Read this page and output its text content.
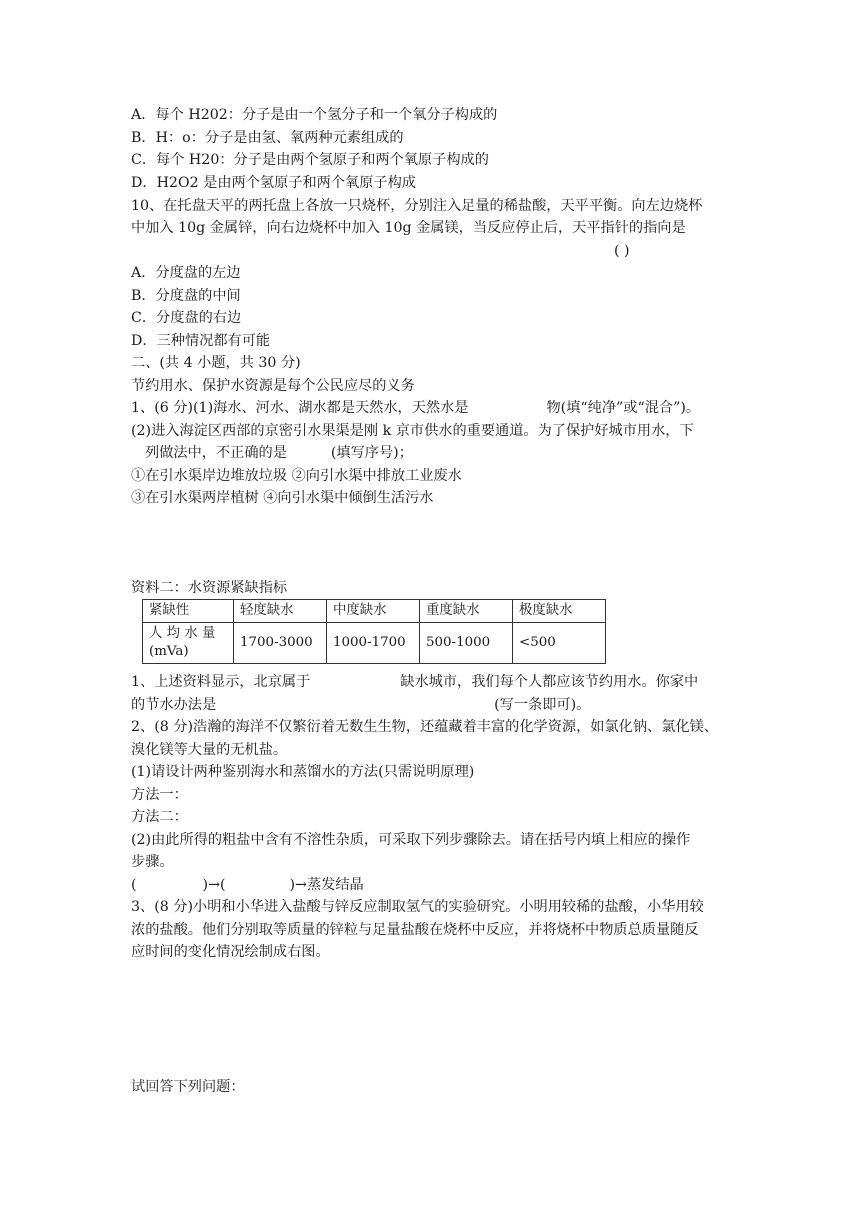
A．每个 H202：分子是由一个氢分子和一个氧分子构成的

B．H：o：分子是由氢、氧两种元素组成的

C．每个 H20：分子是由两个氢原子和两个氧原子构成的

D．H2O2 是由两个氢原子和两个氧原子构成

10、在托盘天平的两托盘上各放一只烧杯，分别注入足量的稀盐酸，天平平衡。向左边烧杯

中加入 10g 金属锌，向右边烧杯中加入 10g 金属镁，当反应停止后，天平指针的指向是

( )

A．分度盘的左边

B．分度盘的中间

C．分度盘的右边

D．三种情况都有可能

二、(共 4 小题，共 30 分)

节约用水、保护水资源是每个公民应尽的义务

1、(6 分)(1)海水、河水、湖水都是天然水，天然水是	物(填“纯净”或“混合”)。

(2)进入海淀区西部的京密引水果渠是刚 k 京市供水的重要通道。为了保护好城市用水，下

列做法中，不正确的是	(填写序号)；

①在引水渠岸边堆放垃圾 ②向引水渠中排放工业废水

③在引水渠两岸植树 ④向引水渠中倾倒生活污水

资料二：水资源紧缺指标

紧缺性	轻度缺水	中度缺水	重度缺水	极度缺水
人 均 水 量
(mVa)	1700-3000	1000-1700	500-1000	<500

1、上述资料显示，北京属于	缺水城市，我们每个人都应该节约用水。你家中

的节水办法是	(写一条即可)。

2、(8 分)浩瀚的海洋不仅繁衍着无数生生物，还蕴藏着丰富的化学资源，如氯化钠、氯化镁、

溴化镁等大量的无机盐。

(1)请设计两种鉴别海水和蒸馏水的方法(只需说明原理)

方法一：

方法二：

(2)由此所得的粗盐中含有不溶性杂质，可采取下列步骤除去。请在括号内填上相应的操作

步骤。

(	)→(	)→蒸发结晶

3、(8 分)小明和小华进入盐酸与锌反应制取氢气的实验研究。小明用较稀的盐酸，小华用较

浓的盐酸。他们分别取等质量的锌粒与足量盐酸在烧杯中反应，并将烧杯中物质总质量随反

应时间的变化情况绘制成右图。

试回答下列问题：
